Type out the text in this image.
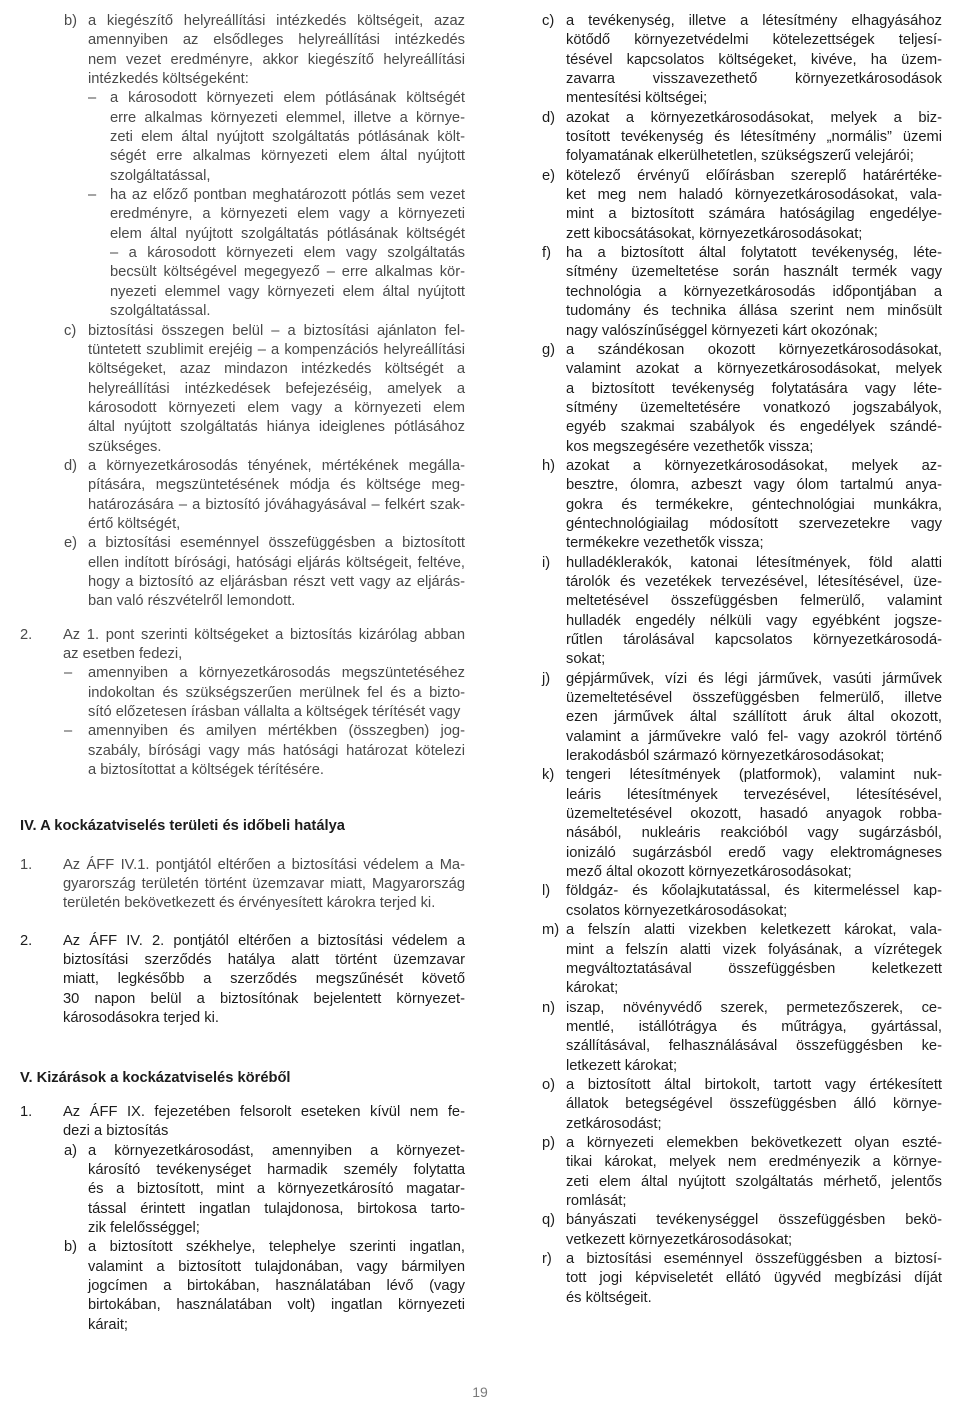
b) a kiegészítő helyreállítási intézkedés költségeit, azaz
amennyiben az elsődleges helyreállítási intézkedés
nem vezet eredményre, akkor kiegészítő helyreállítási
intézkedés költségeként:
– a károsodott környezeti elem pótlásának költségét
erre alkalmas környezeti elemmel, illetve a környe-
zeti elem által nyújtott szolgáltatás pótlásának költ-
ségét erre alkalmas környezeti elem által nyújtott
szolgáltatással,
– ha az előző pontban meghatározott pótlás sem vezet
eredményre, a környezeti elem vagy a környezeti
elem által nyújtott szolgáltatás pótlásának költségét
– a károsodott környezeti elem vagy szolgáltatás
becsült költségével megegyező – erre alkalmas kör-
nyezeti elemmel vagy környezeti elem által nyújtott
szolgáltatással.
c) biztosítási összegen belül – a biztosítási ajánlaton fel-
tüntetett szublimit erejéig – a kompenzációs helyreállítási
költségeket, azaz mindazon intézkedés költségét a
helyreállítási intézkedések befejezéséig, amelyek a
károsodott környezeti elem vagy a környezeti elem
által nyújtott szolgáltatás hiánya ideiglenes pótlásához
szükséges.
d) a környezetkárosodás tényének, mértékének megálla-
pítására, megszüntetésének módja és költsége meg-
határozására – a biztosító jóváhagyásával – felkért szak-
értő költségét,
e) a biztosítási eseménnyel összefüggésben a biztosított
ellen indított bírósági, hatósági eljárás költségeit, feltéve,
hogy a biztosító az eljárásban részt vett vagy az eljárás-
ban való részvételről lemondott.
2. Az 1. pont szerinti költségeket a biztosítás kizárólag abban
az esetben fedezi,
– amennyiben a környezetkárosodás megszüntetéséhez
indokoltan és szükségszerűen merülnek fel és a bizto-
sító előzetesen írásban vállalta a költségek térítését vagy
– amennyiben és amilyen mértékben (összegben) jog-
szabály, bírósági vagy más hatósági határozat kötelezi
a biztosítottat a költségek térítésére.
IV. A kockázatviselés területi és időbeli hatálya
1. Az ÁFF IV.1. pontjától eltérően a biztosítási védelem a Ma-
gyarország területén történt üzemzavar miatt, Magyarország
területén bekövetkezett és érvényesített károkra terjed ki.
2. Az ÁFF IV. 2. pontjától eltérően a biztosítási védelem a
biztosítási szerződés hatálya alatt történt üzemzavar
miatt, legkésőbb a szerződés megszűnését követő
30 napon belül a biztosítónak bejelentett környezet-
károsodásokra terjed ki.
V. Kizárások a kockázatviselés köréből
1. Az ÁFF IX. fejezetében felsorolt eseteken kívül nem fe-
dezi a biztosítás
a) a környezetkárosodást, amennyiben a környezet-
károsító tevékenységet harmadik személy folytatta
és a biztosított, mint a környezetkárosító magatar-
tással érintett ingatlan tulajdonosa, birtokosa tarto-
zik felelősséggel;
b) a biztosított székhelye, telephelye szerinti ingatlan,
valamint a biztosított tulajdonában, vagy bármilyen
jogcímen a birtokában, használatában lévő (vagy
birtokában, használatában volt) ingatlan környezeti
kárait;
c) a tevékenység, illetve a létesítmény elhagyásához
kötődő környezetvédelmi kötelezettségek teljesí-
tésével kapcsolatos költségeket, kivéve, ha üzem-
zavarra visszavezethető környezetkárosodások
mentesítési költségei;
d) azokat a környezetkárosodásokat, melyek a biz-
tosított tevékenység és létesítmény „normális” üzemi
folyamatának elkerülhetetlen, szükségszerű velejárói;
e) kötelező érvényű előírásban szereplő határértéke-
ket meg nem haladó környezetkárosodásokat, vala-
mint a biztosított számára hatóságilag engedélye-
zett kibocsátásokat, környezetkárosodásokat;
f) ha a biztosított által folytatott tevékenység, léte-
sítmény üzemeltetése során használt termék vagy
technológia a környezetkárosodás időpontjában a
tudomány és technika állása szerint nem minősült
nagy valószínűséggel környezeti kárt okozónak;
g) a szándékosan okozott környezetkárosodásokat,
valamint azokat a környezetkárosodásokat, melyek
a biztosított tevékenység folytatására vagy léte-
sítmény üzemeltetésére vonatkozó jogszabályok,
egyéb szakmai szabályok és engedélyek szándé-
kos megszegésére vezethetők vissza;
h) azokat a környezetkárosodásokat, melyek az-
besztre, ólomra, azbeszt vagy ólom tartalmú anya-
gokra és termékekre, géntechnológiai munkákra,
géntechnológiailag módosított szervezetekre vagy
termékekre vezethetők vissza;
i) hulladéklerakók, katonai létesítmények, föld alatti
tárolók és vezetékek tervezésével, létesítésével, üze-
meltetésével összefüggésben felmerülő, valamint
hulladék engedély nélküli vagy egyébként jogsze-
rűtlen tárolásával kapcsolatos környezetkárosodá-
sokat;
j) gépjárművek, vízi és légi járművek, vasúti járművek
üzemeltetésével összefüggésben felmerülő, illetve
ezen járművek által szállított áruk által okozott,
valamint a járművekre való fel- vagy azokról történő
lerakodásból származó környezetkárosodásokat;
k) tengeri létesítmények (platformok), valamint nuk-
leáris létesítmények tervezésével, létesítésével,
üzemeltetésével okozott, hasadó anyagok robba-
násából, nukleáris reakcióból vagy sugárzásból,
ionizáló sugárzásból eredő vagy elektromágneses
mező által okozott környezetkárosodásokat;
l) földgáz- és kőolajkutatással, és kitermeléssel kap-
csolatos környezetkárosodásokat;
m) a felszín alatti vizekben keletkezett károkat, vala-
mint a felszín alatti vizek folyásának, a vízrétegek
megváltoztatásával összefüggésben keletkezett
károkat;
n) iszap, növényvédő szerek, permetezőszerek, ce-
mentlé, istállótrágya és műtrágya, gyártással,
szállításával, felhasználásával összefüggésben ke-
letkezett károkat;
o) a biztosított által birtokolt, tartott vagy értékesített
állatok betegségével összefüggésben álló környe-
zetkárosodást;
p) a környezeti elemekben bekövetkezett olyan eszté-
tikai károkat, melyek nem eredményezik a környe-
zeti elem által nyújtott szolgáltatás mérhető, jelentős
romlását;
q) bányászati tevékenységgel összefüggésben bekö-
vetkezett környezetkárosodásokat;
r) a biztosítási eseménnyel összefüggésben a biztosí-
tott jogi képviseletét ellátó ügyvéd megbízási díját
és költségeit.
19
